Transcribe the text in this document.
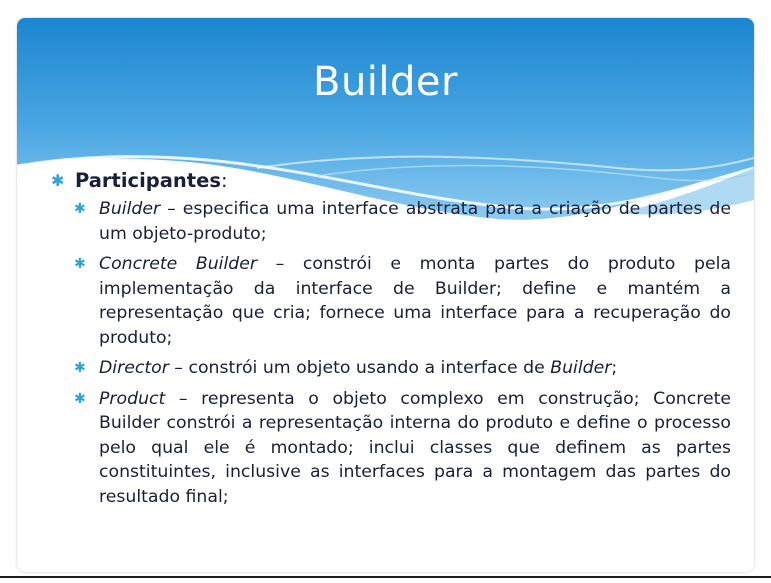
Builder
✱ Participantes:
✱ Builder – especifica uma interface abstrata para a criação de partes de um objeto-produto;
✱ Concrete Builder – constrói e monta partes do produto pela implementação da interface de Builder; define e mantém a representação que cria; fornece uma interface para a recuperação do produto;
✱ Director – constrói um objeto usando a interface de Builder;
✱ Product – representa o objeto complexo em construção; Concrete Builder constrói a representação interna do produto e define o processo pelo qual ele é montado; inclui classes que definem as partes constituintes, inclusive as interfaces para a montagem das partes do resultado final;
